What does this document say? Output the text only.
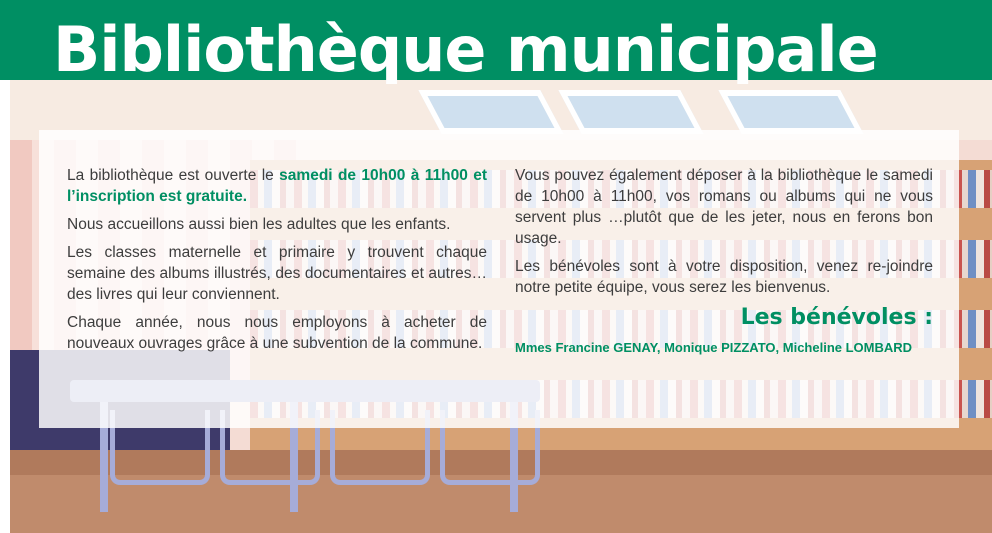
Bibliothèque municipale

La bibliothèque est ouverte le samedi de 10h00 à 11h00 et l’inscription est gratuite.

Nous accueillons aussi bien les adultes que les enfants.

Les classes maternelle et primaire y trouvent chaque semaine des albums illustrés, des documentaires et autres…des livres qui leur conviennent.

Chaque année, nous nous employons à acheter de nouveaux ouvrages grâce à une subvention de la commune.

Vous pouvez également déposer à la bibliothèque le samedi de 10h00 à 11h00, vos romans ou albums qui ne vous servent plus …plutôt que de les jeter, nous en ferons bon usage.

Les bénévoles sont à votre disposition, venez re-joindre notre petite équipe, vous serez les bienvenus.

Les bénévoles :

Mmes Francine GENAY, Monique PIZZATO, Micheline LOMBARD
